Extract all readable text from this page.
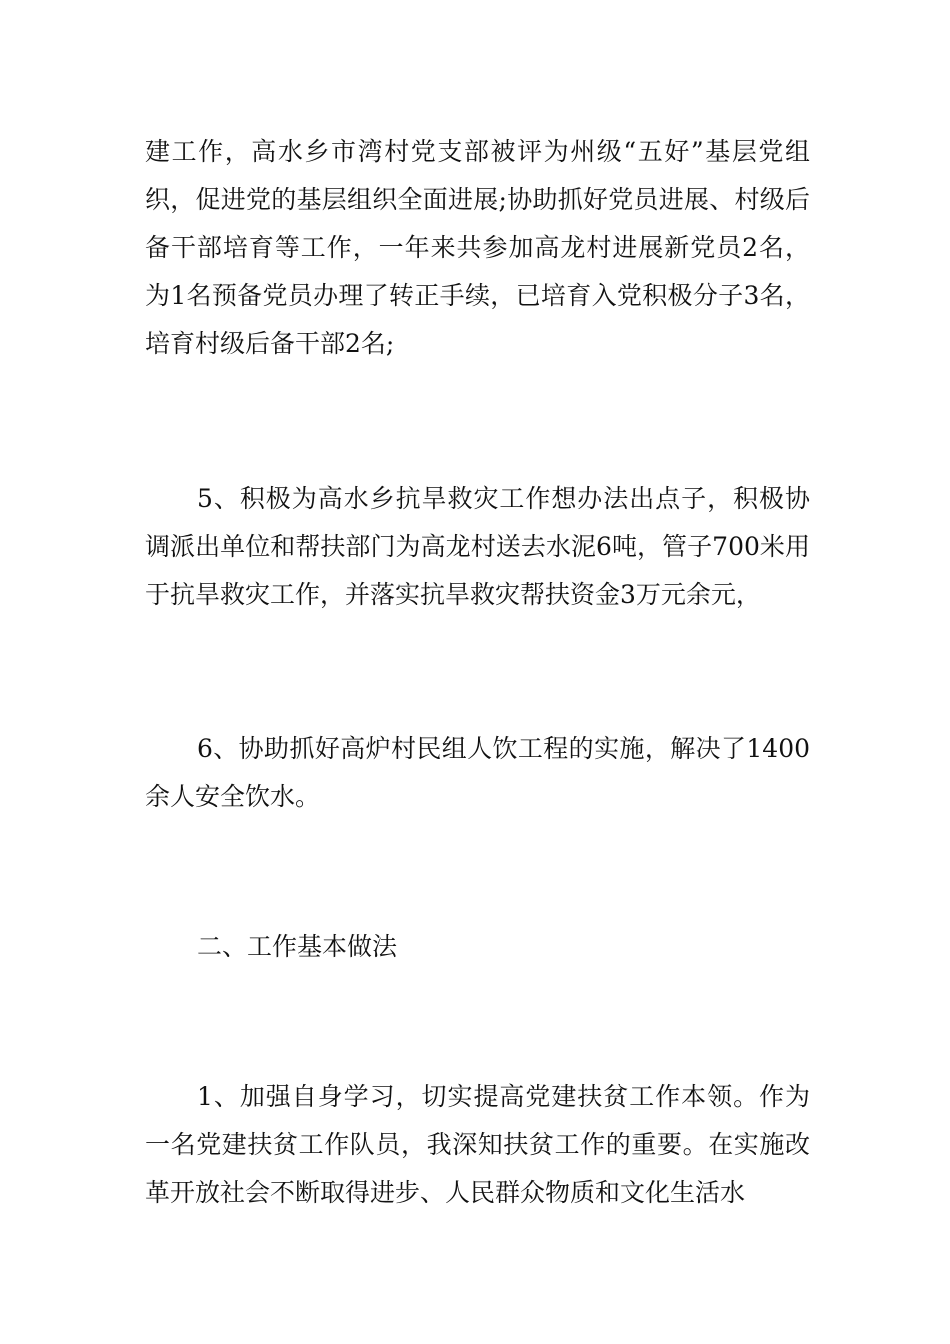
建工作，高水乡市湾村党支部被评为州级“五好”基层党组织，促进党的基层组织全面进展;协助抓好党员进展、村级后备干部培育等工作，一年来共参加高龙村进展新党员2名，为1名预备党员办理了转正手续，已培育入党积极分子3名，培育村级后备干部2名;

5、积极为高水乡抗旱救灾工作想办法出点子，积极协调派出单位和帮扶部门为高龙村送去水泥6吨，管子700米用于抗旱救灾工作，并落实抗旱救灾帮扶资金3万元余元，

6、协助抓好高炉村民组人饮工程的实施，解决了1400余人安全饮水。

二、工作基本做法

1、加强自身学习，切实提高党建扶贫工作本领。作为一名党建扶贫工作队员，我深知扶贫工作的重要。在实施改革开放社会不断取得进步、人民群众物质和文化生活水
